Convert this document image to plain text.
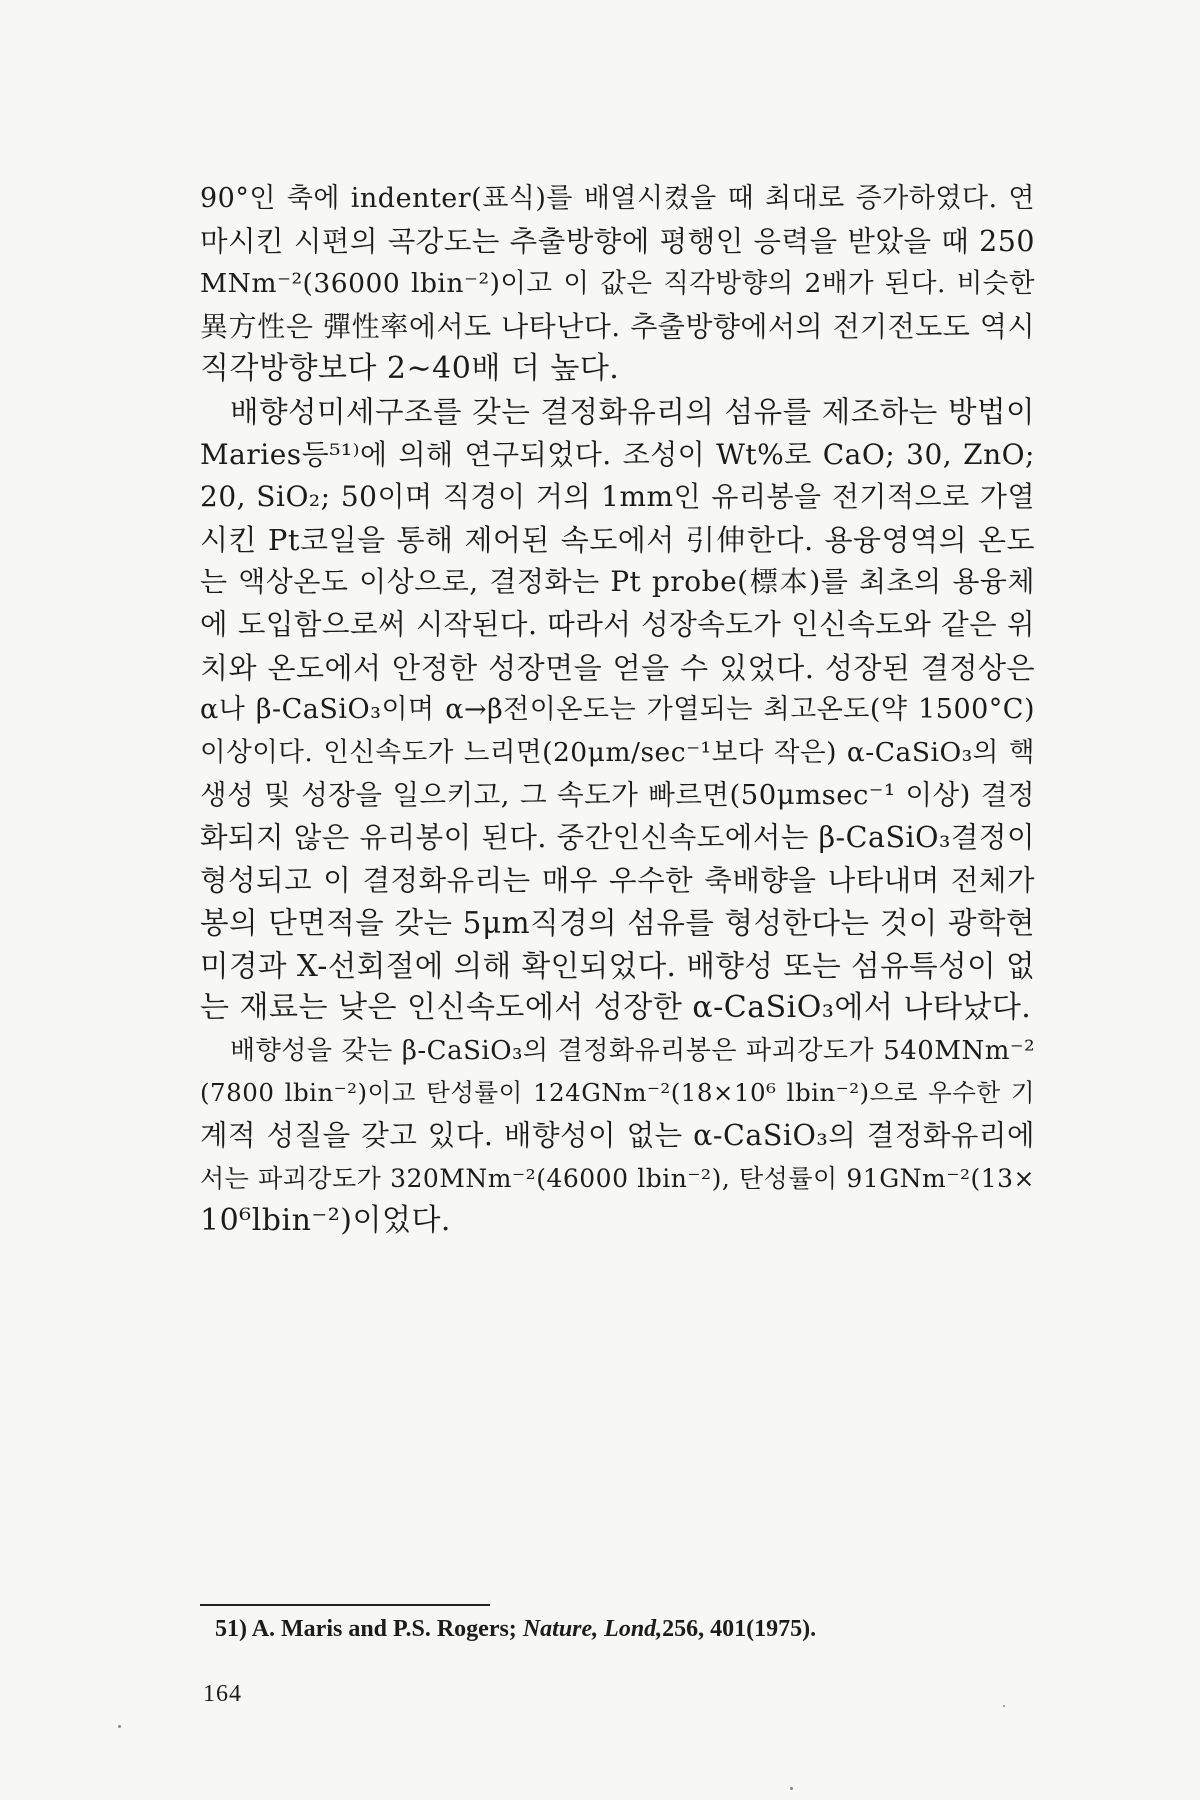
90°인 축에 indenter(표식)를 배열시켰을 때 최대로 증가하였다. 연
마시킨 시편의 곡강도는 추출방향에 평행인 응력을 받았을 때 250
MNm⁻²(36000 lbin⁻²)이고 이 값은 직각방향의 2배가 된다. 비슷한
異方性은 彈性率에서도 나타난다. 추출방향에서의 전기전도도 역시
직각방향보다 2∼40배 더 높다.
배향성미세구조를 갖는 결정화유리의 섬유를 제조하는 방법이
Maries등⁵¹⁾에 의해 연구되었다. 조성이 Wt%로 CaO; 30, ZnO;
20, SiO₂; 50이며 직경이 거의 1mm인 유리봉을 전기적으로 가열
시킨 Pt코일을 통해 제어된 속도에서 引伸한다. 용융영역의 온도
는 액상온도 이상으로, 결정화는 Pt probe(標本)를 최초의 용융체
에 도입함으로써 시작된다. 따라서 성장속도가 인신속도와 같은 위
치와 온도에서 안정한 성장면을 얻을 수 있었다. 성장된 결정상은
α나 β-CaSiO₃이며 α→β전이온도는 가열되는 최고온도(약 1500°C)
이상이다. 인신속도가 느리면(20μm/sec⁻¹보다 작은) α-CaSiO₃의 핵
생성 및 성장을 일으키고, 그 속도가 빠르면(50μmsec⁻¹ 이상) 결정
화되지 않은 유리봉이 된다. 중간인신속도에서는 β-CaSiO₃결정이
형성되고 이 결정화유리는 매우 우수한 축배향을 나타내며 전체가
봉의 단면적을 갖는 5μm직경의 섬유를 형성한다는 것이 광학현
미경과 X-선회절에 의해 확인되었다. 배향성 또는 섬유특성이 없
는 재료는 낮은 인신속도에서 성장한 α-CaSiO₃에서 나타났다.
배향성을 갖는 β-CaSiO₃의 결정화유리봉은 파괴강도가 540MNm⁻²
(7800 lbin⁻²)이고 탄성률이 124GNm⁻²(18×10⁶ lbin⁻²)으로 우수한 기
계적 성질을 갖고 있다. 배향성이 없는 α-CaSiO₃의 결정화유리에
서는 파괴강도가 320MNm⁻²(46000 lbin⁻²), 탄성률이 91GNm⁻²(13×
10⁶lbin⁻²)이었다.
51) A. Maris and P.S. Rogers; Nature, Lond,256, 401(1975).
164
